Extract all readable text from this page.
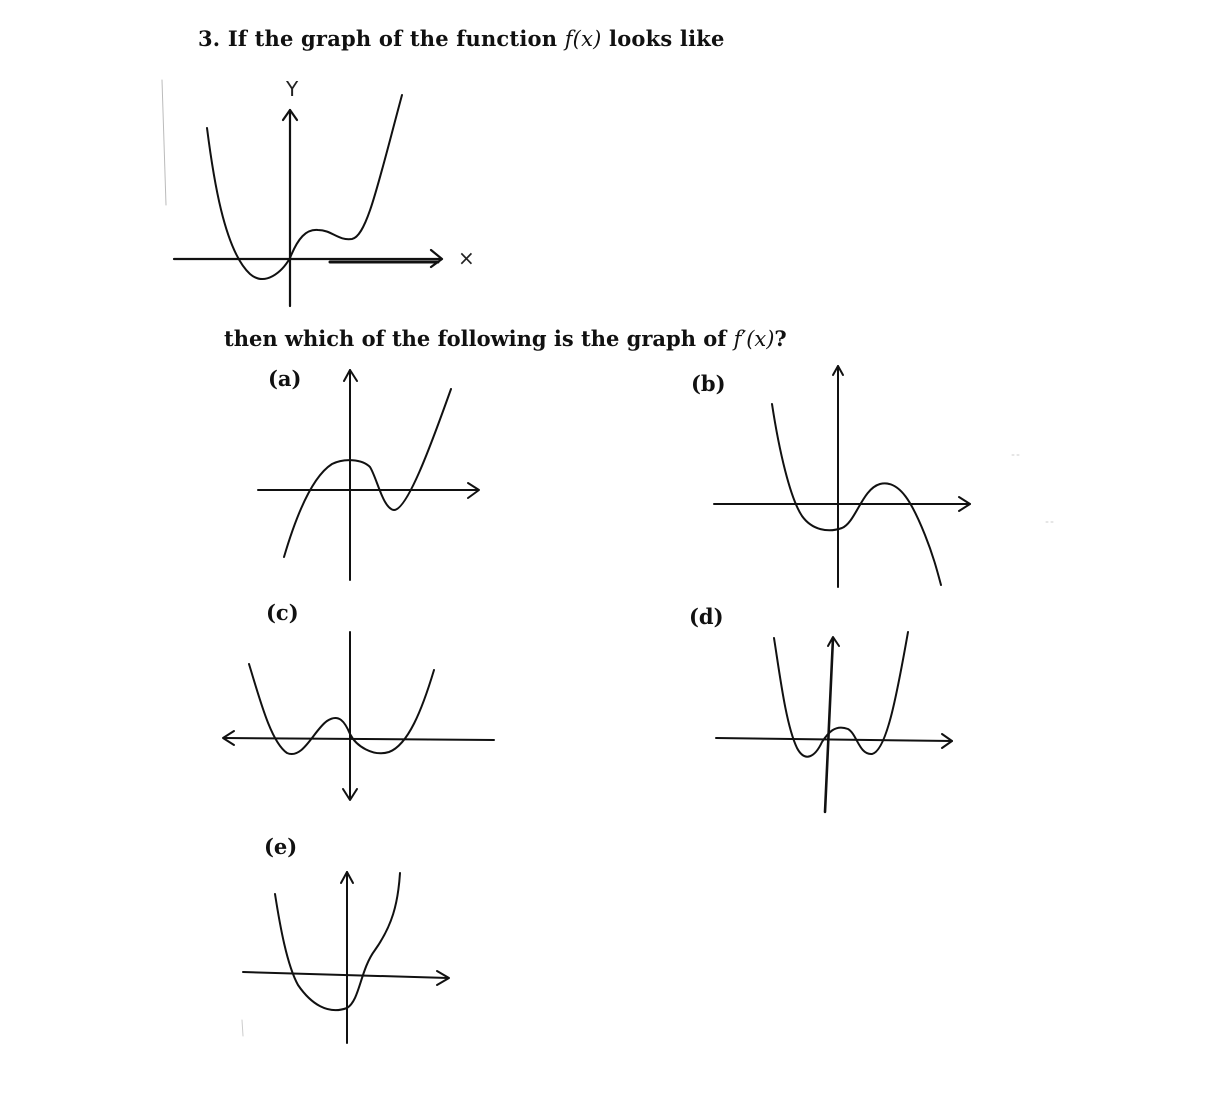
3. If the graph of the function f(x) looks like
then which of the following is the graph of f′(x)?
(a)	(b)
(c)	(d)
(e)
Y
×
